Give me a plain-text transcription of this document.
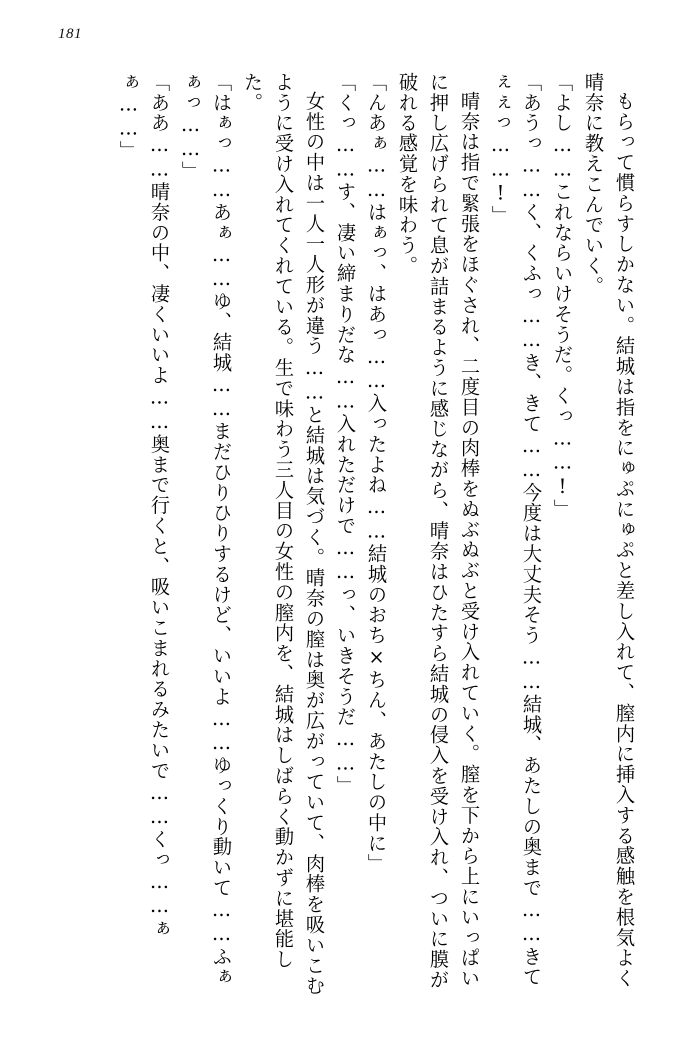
181

もらって慣らすしかない。結城は指をにゅぷにゅぷと差し入れて、膣内に挿入する感触を根気よく晴奈に教えこんでいく。

「よし……これならいけそうだ。くっ……!」

「あうっ……く、くふっ……き、きて……今度は大丈夫そう……結城、あたしの奥まで……きてぇぇっ……!」

晴奈は指で緊張をほぐされ、二度目の肉棒をぬぶぬぶと受け入れていく。膣を下から上にいっぱいに押し広げられて息が詰まるように感じながら、晴奈はひたすら結城の侵入を受け入れ、ついに膜が破れる感覚を味わう。

「んあぁ……はぁっ、はあっ……入ったよね……結城のおち×ちん、あたしの中に」

「くっ……す、凄い締まりだな……入れただけで……っ、いきそうだ……」

女性の中は一人一人形が違う……と結城は気づく。晴奈の膣は奥が広がっていて、肉棒を吸いこむように受け入れてくれている。生で味わう三人目の女性の膣内を、結城はしばらく動かずに堪能した。

「はぁっ……あぁ……ゆ、結城……まだひりひりするけど、いいよ……ゆっくり動いて……ふぁぁっ……」

「ああ……晴奈の中、凄くいいよ……奥まで行くと、吸いこまれるみたいで……くっ……ぁぁ……」
